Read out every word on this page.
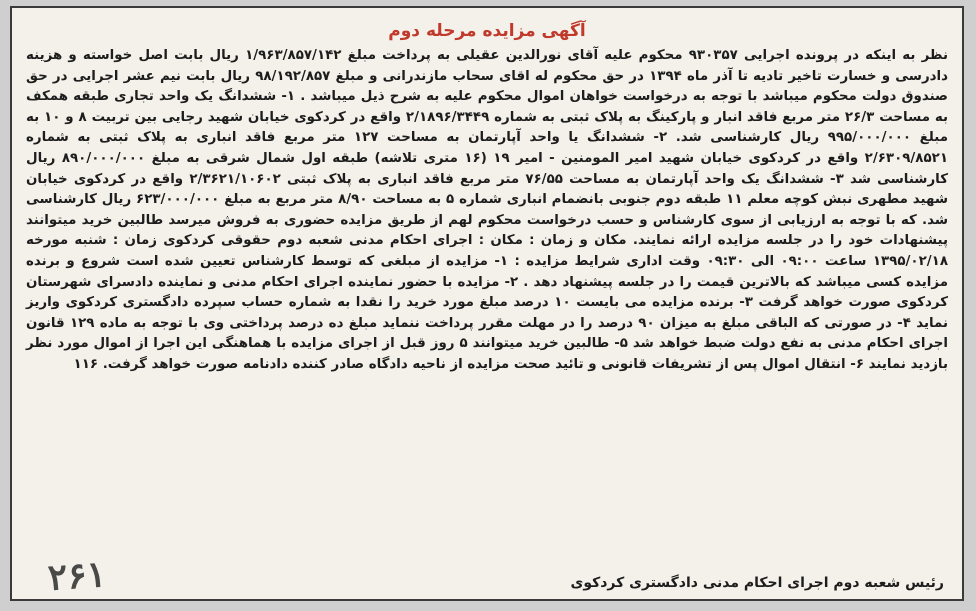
آگهی مزایده مرحله دوم

نظر به اینکه در پرونده اجرایی ۹۳۰۳۵۷ محکوم علیه آقای نورالدین عقیلی به پرداخت مبلغ ۱/۹۶۳/۸۵۷/۱۴۲ ریال بابت اصل خواسته و هزینه دادرسی و خسارت تاخیر تادیه تا آذر ماه ۱۳۹۴ در حق محکوم له اقای سحاب مازندرانی و مبلغ ۹۸/۱۹۲/۸۵۷ ریال بابت نیم عشر اجرایی در حق صندوق دولت محکوم میباشد با توجه به درخواست خواهان اموال محکوم علیه به شرح ذیل میباشد . ۱- ششدانگ یک واحد تجاری طبقه همکف به مساحت ۲۶/۳ متر مربع فاقد انبار و پارکینگ به پلاک ثبتی به شماره ۲/۱۸۹۶/۳۴۴۹ واقع در کردکوی خیابان شهید رجایی بین تربیت ۸ و ۱۰ به مبلغ ۹۹۵/۰۰۰/۰۰۰ ریال کارشناسی شد. ۲- ششدانگ یا واحد آپارتمان به مساحت ۱۲۷ متر مربع فاقد انباری به پلاک ثبتی به شماره ۲/۶۳۰۹/۸۵۲۱ واقع در کردکوی خیابان شهید امیر المومنین - امیر ۱۹ (۱۶ متری تلاشه) طبقه اول شمال شرقی به مبلغ ۸۹۰/۰۰۰/۰۰۰ ریال کارشناسی شد ۳- ششدانگ یک واحد آپارتمان به مساحت ۷۶/۵۵ متر مربع فاقد انباری به پلاک ثبتی ۲/۳۶۲۱/۱۰۶۰۲ واقع در کردکوی خیابان شهید مطهری نبش کوچه معلم ۱۱ طبقه دوم جنوبی بانضمام انباری شماره ۵ به مساحت ۸/۹۰ متر مربع به مبلغ ۶۲۳/۰۰۰/۰۰۰ ریال کارشناسی شد. که با توجه به ارزیابی از سوی کارشناس و حسب درخواست محکوم لهم از طریق مزایده حضوری به فروش میرسد طالبین خرید میتوانند پیشنهادات خود را در جلسه مزایده ارائه نمایند. مکان و زمان : مکان : اجرای احکام مدنی شعبه دوم حقوقی کردکوی زمان : شنبه مورخه ۱۳۹۵/۰۲/۱۸ ساعت ۰۹:۰۰ الی ۰۹:۳۰ وقت اداری شرایط مزایده : ۱- مزایده از مبلغی که توسط کارشناس تعیین شده است شروع و برنده مزایده کسی میباشد که بالاترین قیمت را در جلسه پیشنهاد دهد . ۲- مزایده با حضور نماینده اجرای احکام مدنی و نماینده دادسرای شهرستان کردکوی صورت خواهد گرفت ۳- برنده مزایده می بایست ۱۰ درصد مبلغ مورد خرید را نقدا به شماره حساب سپرده دادگستری کردکوی واریز نماید ۴- در صورتی که الباقی مبلغ به میزان ۹۰ درصد را در مهلت مقرر پرداخت ننماید مبلغ ده درصد پرداختی وی با توجه به ماده ۱۲۹ قانون اجرای احکام مدنی به نفع دولت ضبط خواهد شد ۵- طالبین خرید میتوانند ۵ روز قبل از اجرای مزایده با هماهنگی این اجرا از اموال مورد نظر بازدید نمایند ۶- انتقال اموال پس از تشریفات قانونی و تائید صحت مزایده از ناحیه دادگاه صادر کننده دادنامه صورت خواهد گرفت. ۱۱۶

رئیس شعبه دوم اجرای احکام مدنی دادگستری کردکوی
۲۶۱
